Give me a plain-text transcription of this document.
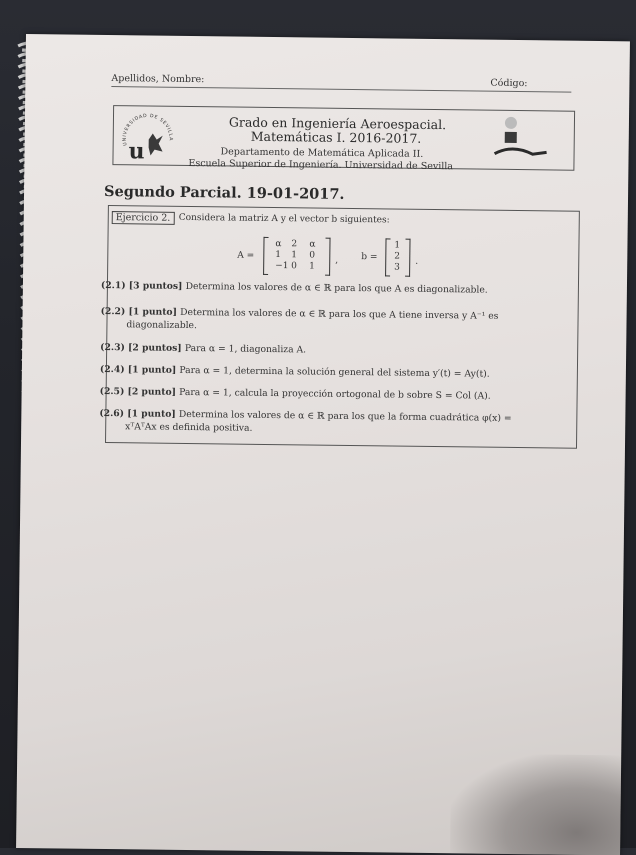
Apellidos, Nombre:	Código:
UNIVERSIDAD DE SEVILLA
u
Grado en Ingeniería Aeroespacial.
Matemáticas I. 2016-2017.
Departamento de Matemática Aplicada II.
Escuela Superior de Ingeniería. Universidad de Sevilla
Segundo Parcial. 19-01-2017.
Ejercicio 2. Considera la matriz A y el vector b siguientes:
A =
α 2 α
1 1 0
−1 0 1
,	b =
1
2
3
.
(2.1) [3 puntos] Determina los valores de α ∈ ℝ para los que A es diagonalizable.
(2.2) [1 punto] Determina los valores de α ∈ ℝ para los que A tiene inversa y A⁻¹ es
diagonalizable.
(2.3) [2 puntos] Para α = 1, diagonaliza A.
(2.4) [1 punto] Para α = 1, determina la solución general del sistema y′(t) = Ay(t).
(2.5) [2 punto] Para α = 1, calcula la proyección ortogonal de b sobre S = Col (A).
(2.6) [1 punto] Determina los valores de α ∈ ℝ para los que la forma cuadrática φ(x) =
xᵀAᵀAx es definida positiva.
